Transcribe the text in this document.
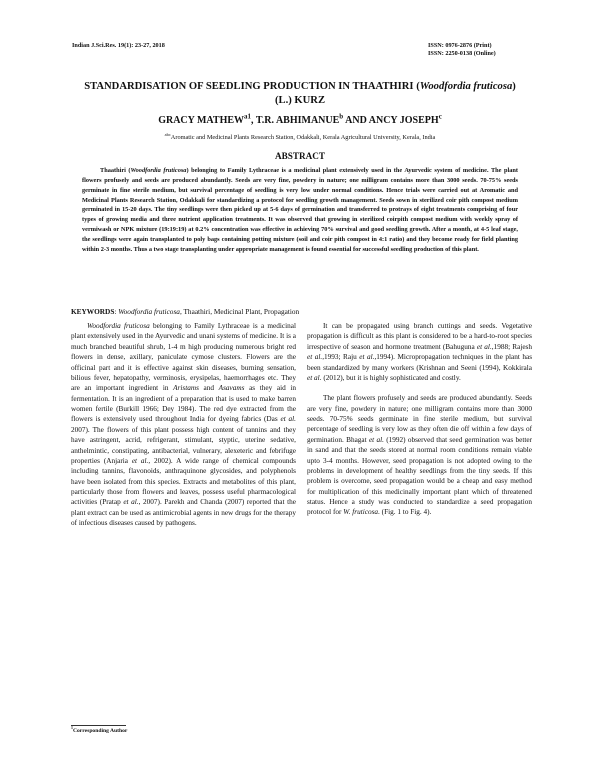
Indian J.Sci.Res. 19(1): 23-27, 2018	ISSN: 0976-2876 (Print)
ISSN: 2250-0138 (Online)
STANDARDISATION OF SEEDLING PRODUCTION IN THAATHIRI (Woodfordia fruticosa)
(L.) KURZ
GRACY $MATHEW^{a1}$, T.R. ABHIMANUE$^b$ AND ANCY JOSEPH$^c$
$^{abc}$Aromatic and Medicinal Plants Research Station, Odakkali, Kerala Agricultural University, Kerala, India
ABSTRACT

Thaathiri (Woodfordia fruticosa) belonging to Family Lythraceae is a medicinal plant extensively used in the Ayurvedic system of medicine. The plant flowers profusely and seeds are produced abundantly. Seeds are very fine, powdery in nature; one milligram contains more than 3000 seeds. 70-75% seeds germinate in fine sterile medium, but survival percentage of seedling is very low under normal conditions. Hence trials were carried out at Aromatic and Medicinal Plants Research Station, Odakkali for standardizing a protocol for seedling growth management. Seeds sown in sterilized coir pith compost medium germinated in 15-20 days. The tiny seedlings were then picked up at 5-6 days of germination and transferred to protrays of eight treatments comprising of four types of growing media and three nutrient application treatments. It was observed that growing in sterilized coirpith compost medium with weekly spray of vermiwash or NPK mixture (19:19:19) at 0.2% concentration was effective in achieving 70% survival and good seedling growth. After a month, at 4-5 leaf stage, the seedlings were again transplanted to poly bags containing potting mixture (soil and coir pith compost in 4:1 ratio) and they become ready for field planting within 2-3 months. Thus a two stage transplanting under appropriate management is found essential for successful seedling production of this plant.

KEYWORDS: Woodfordia fruticosa, Thaathiri, Medicinal Plant, Propagation

Woodfordia fruticosa belonging to Family Lythraceae is a medicinal plant extensively used in the Ayurvedic and unani systems of medicine. It is a much branched beautiful shrub, 1-4 m high producing numerous bright red flowers in dense, axillary, paniculate cymose clusters. Flowers are the officinal part and it is effective against skin diseases, burning sensation, bilious fever, hepatopathy, verminosis, erysipelas, haemorrhages etc. They are an important ingredient in Aristams and Asavams as they aid in fermentation. It is an ingredient of a preparation that is used to make barren women fertile (Burkill 1966; Dey 1984). The red dye extracted from the flowers is extensively used throughout India for dyeing fabrics (Das et al. 2007). The flowers of this plant possess high content of tannins and they have astringent, acrid, refrigerant, stimulant, styptic, uterine sedative, anthelmintic, constipating, antibacterial, vulnerary, alexeteric and febrifuge properties (Anjaria et al., 2002). A wide range of chemical compounds including tannins, flavonoids, anthraquinone glycosides, and polyphenols have been isolated from this species. Extracts and metabolites of this plant, particularly those from flowers and leaves, possess useful pharmacological activities (Pratap et al., 2007). Parekh and Chanda (2007) reported that the plant extract can be used as antimicrobial agents in new drugs for the therapy of infectious diseases caused by pathogens.

It can be propagated using branch cuttings and seeds. Vegetative propagation is difficult as this plant is considered to be a hard-to-root species irrespective of season and hormone treatment (Bahuguna et al.,1988; Rajesh et al.,1993; Raju et al.,1994). Micropropagation techniques in the plant has been standardized by many workers (Krishnan and Seeni (1994), Kokkirala et al. (2012), but it is highly sophisticated and costly.

The plant flowers profusely and seeds are produced abundantly. Seeds are very fine, powdery in nature; one milligram contains more than 3000 seeds. 70-75% seeds germinate in fine sterile medium, but survival percentage of seedling is very low as they often die off within a few days of germination. Bhagat et al. (1992) observed that seed germination was better in sand and that the seeds stored at normal room conditions remain viable upto 3-4 months. However, seed propagation is not adopted owing to the problems in development of healthy seedlings from the tiny seeds. If this problem is overcome, seed propagation would be a cheap and easy method for multiplication of this medicinally important plant which of threatened status. Hence a study was conducted to standardize a seed propagation protocol for W. fruticosa. (Fig. 1 to Fig. 4).

$^1$Corresponding Author
